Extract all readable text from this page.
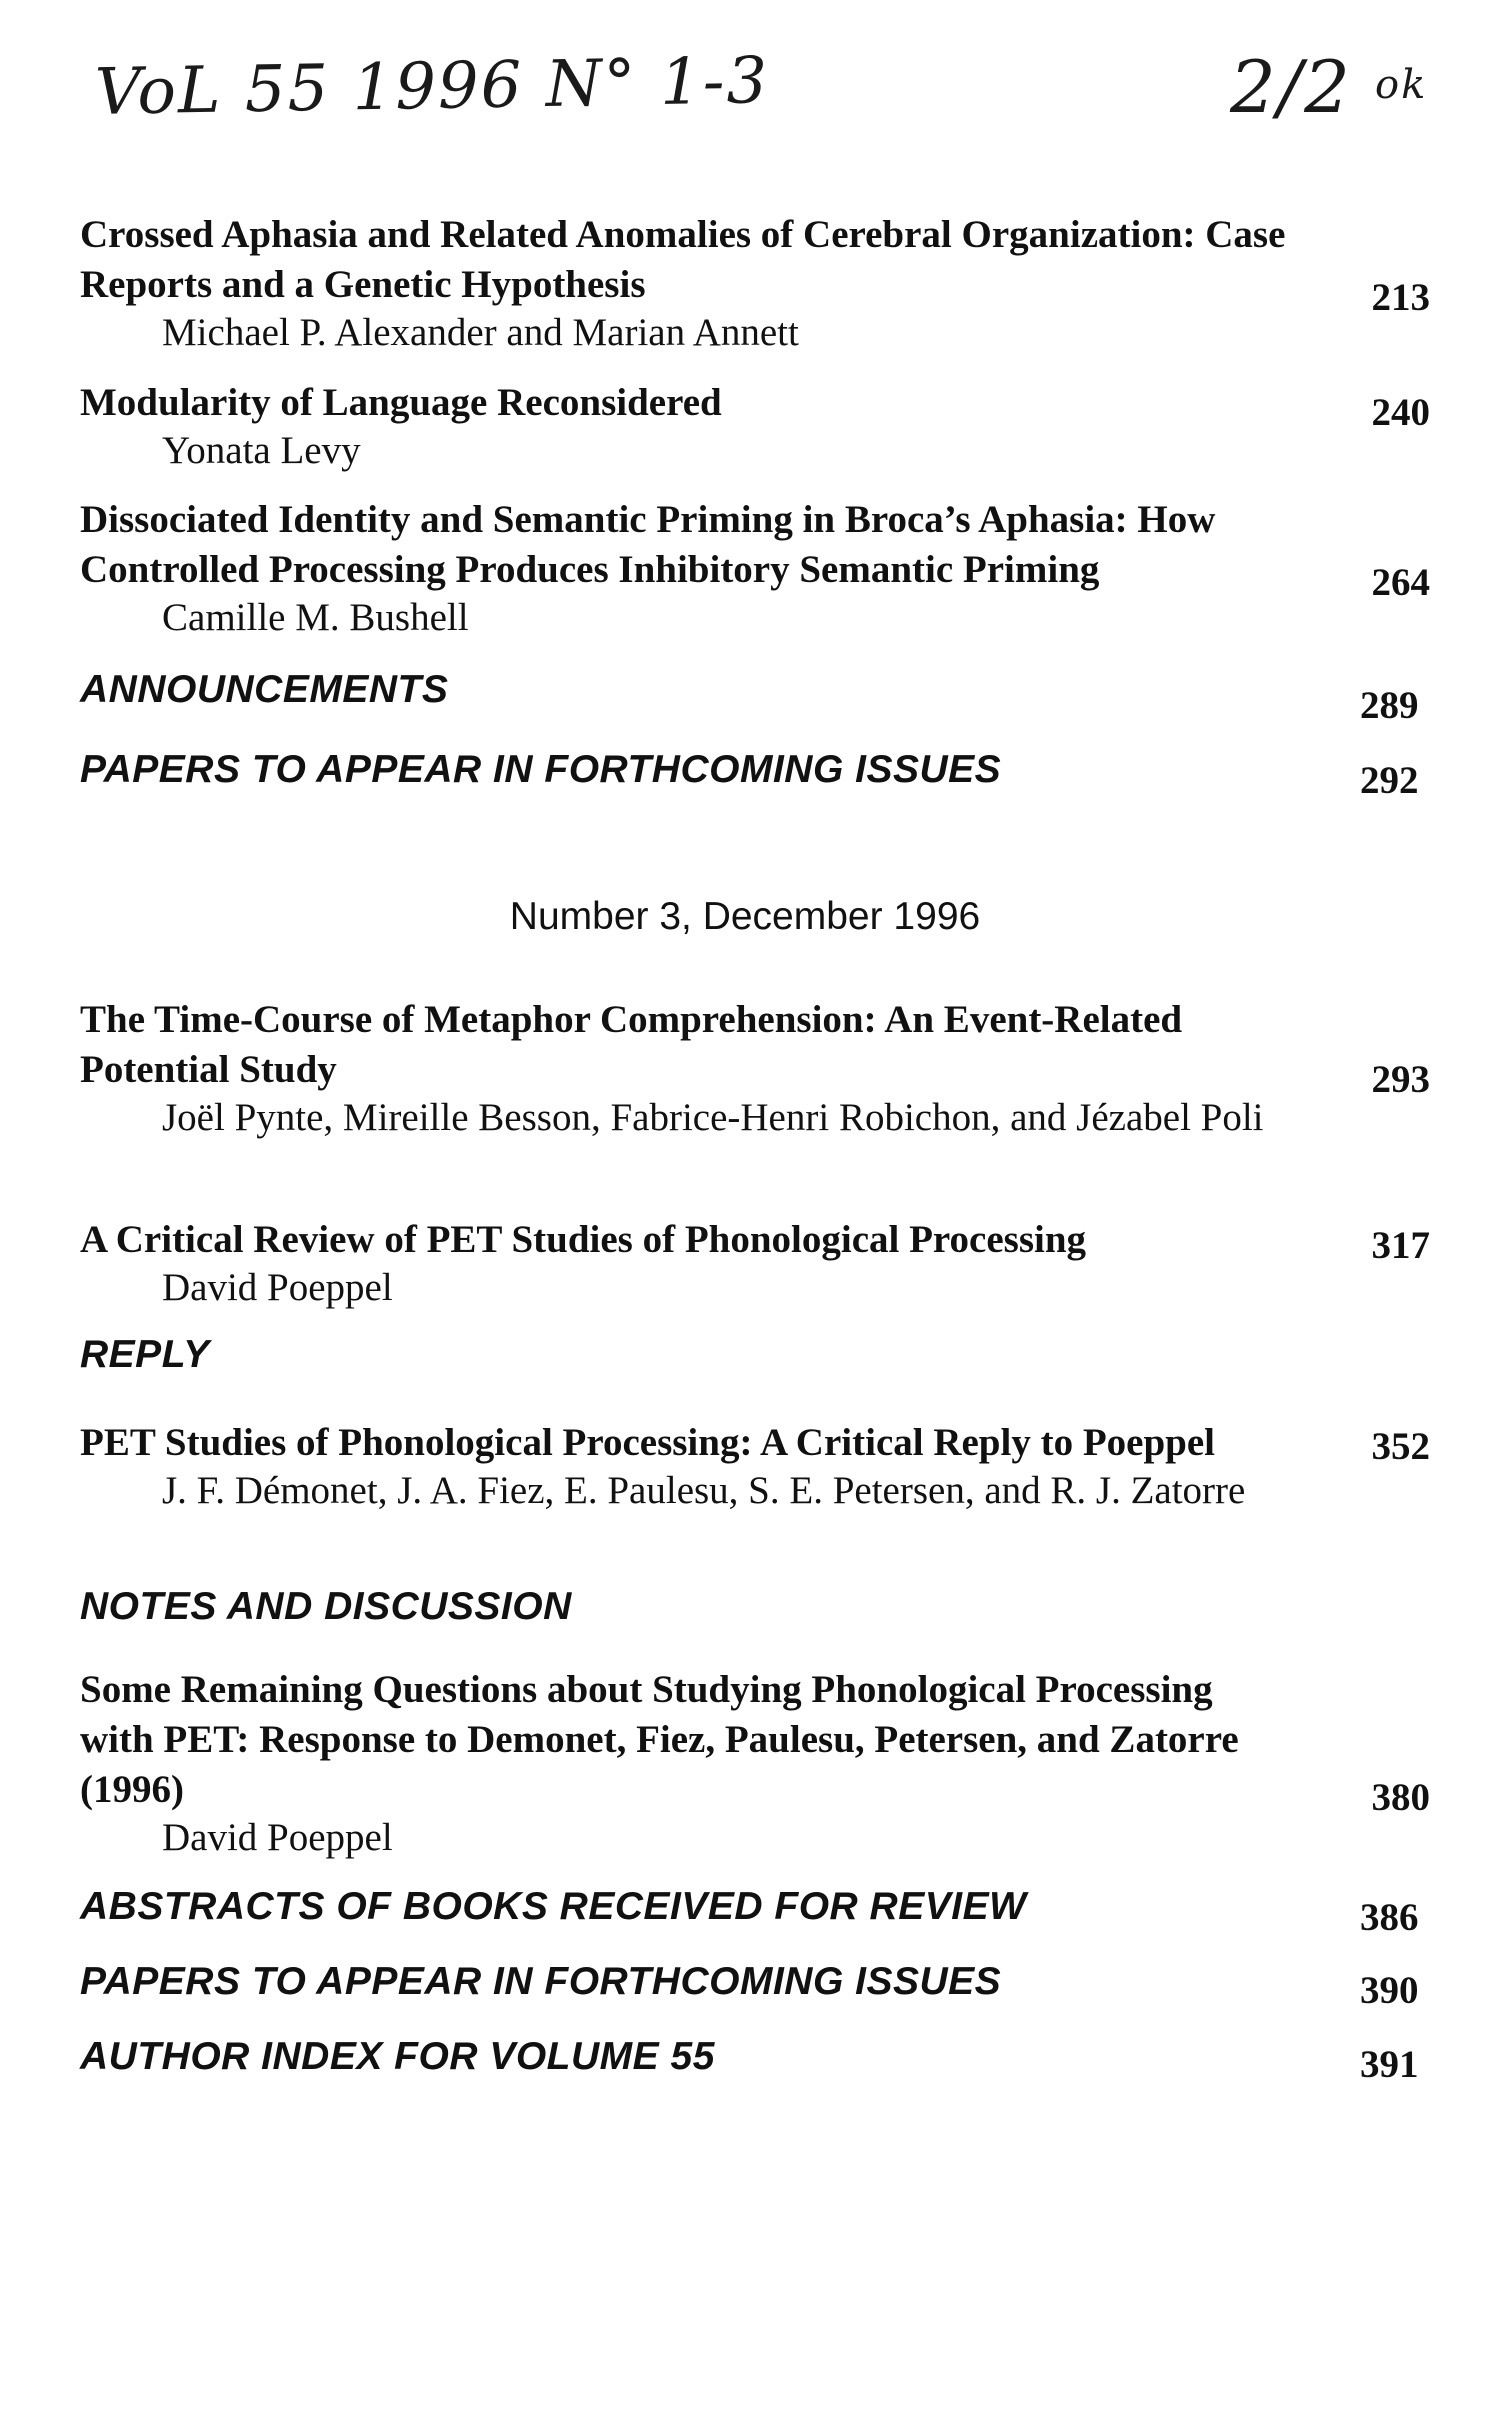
VoL 55 1996 N° 1-3	2/2 ok

Crossed Aphasia and Related Anomalies of Cerebral Organization: Case Reports and a Genetic Hypothesis

Michael P. Alexander and Marian Annett

213

Modularity of Language Reconsidered

Yonata Levy

240

Dissociated Identity and Semantic Priming in Broca’s Aphasia: How Controlled Processing Produces Inhibitory Semantic Priming

Camille M. Bushell

264
ANNOUNCEMENTS	289
PAPERS TO APPEAR IN FORTHCOMING ISSUES	292
Number 3, December 1996

The Time-Course of Metaphor Comprehension: An Event-Related Potential Study

Joël Pynte, Mireille Besson, Fabrice-Henri Robichon, and Jézabel Poli

293

A Critical Review of PET Studies of Phonological Processing

David Poeppel

317
REPLY

PET Studies of Phonological Processing: A Critical Reply to Poeppel

J. F. Démonet, J. A. Fiez, E. Paulesu, S. E. Petersen, and R. J. Zatorre

352
NOTES AND DISCUSSION

Some Remaining Questions about Studying Phonological Processing with PET: Response to Demonet, Fiez, Paulesu, Petersen, and Zatorre (1996)

David Poeppel

380
ABSTRACTS OF BOOKS RECEIVED FOR REVIEW	386
PAPERS TO APPEAR IN FORTHCOMING ISSUES	390
AUTHOR INDEX FOR VOLUME 55	391
